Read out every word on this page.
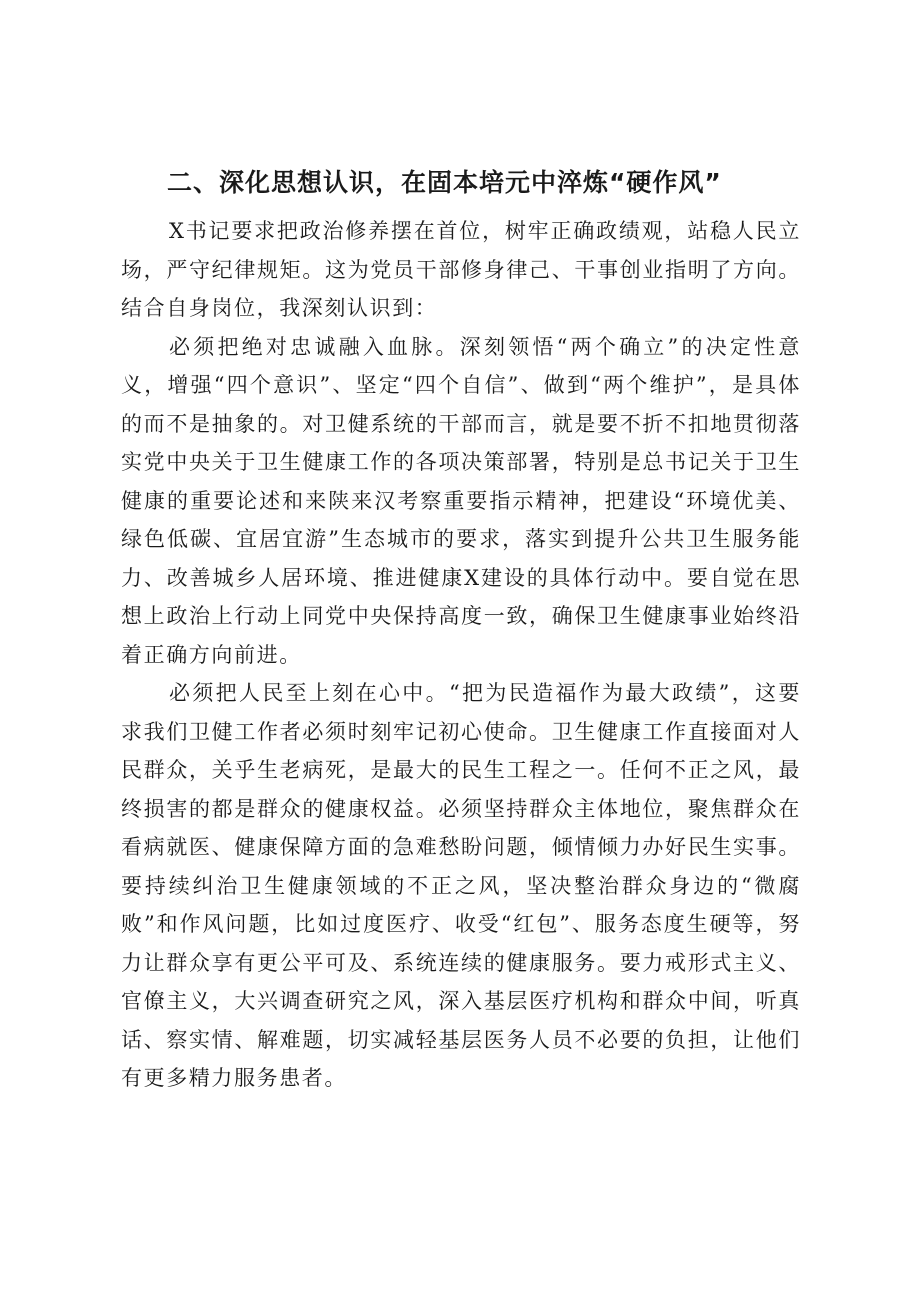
二、深化思想认识，在固本培元中淬炼“硬作风”

X书记要求把政治修养摆在首位，树牢正确政绩观，站稳人民立场，严守纪律规矩。这为党员干部修身律己、干事创业指明了方向。结合自身岗位，我深刻认识到：

必须把绝对忠诚融入血脉。深刻领悟“两个确立”的决定性意义，增强“四个意识”、坚定“四个自信”、做到“两个维护”，是具体的而不是抽象的。对卫健系统的干部而言，就是要不折不扣地贯彻落实党中央关于卫生健康工作的各项决策部署，特别是总书记关于卫生健康的重要论述和来陕来汉考察重要指示精神，把建设“环境优美、绿色低碳、宜居宜游”生态城市的要求，落实到提升公共卫生服务能力、改善城乡人居环境、推进健康X建设的具体行动中。要自觉在思想上政治上行动上同党中央保持高度一致，确保卫生健康事业始终沿着正确方向前进。

必须把人民至上刻在心中。“把为民造福作为最大政绩”，这要求我们卫健工作者必须时刻牢记初心使命。卫生健康工作直接面对人民群众，关乎生老病死，是最大的民生工程之一。任何不正之风，最终损害的都是群众的健康权益。必须坚持群众主体地位，聚焦群众在看病就医、健康保障方面的急难愁盼问题，倾情倾力办好民生实事。要持续纠治卫生健康领域的不正之风，坚决整治群众身边的“微腐败”和作风问题，比如过度医疗、收受“红包”、服务态度生硬等，努力让群众享有更公平可及、系统连续的健康服务。要力戒形式主义、官僚主义，大兴调查研究之风，深入基层医疗机构和群众中间，听真话、察实情、解难题，切实减轻基层医务人员不必要的负担，让他们有更多精力服务患者。
